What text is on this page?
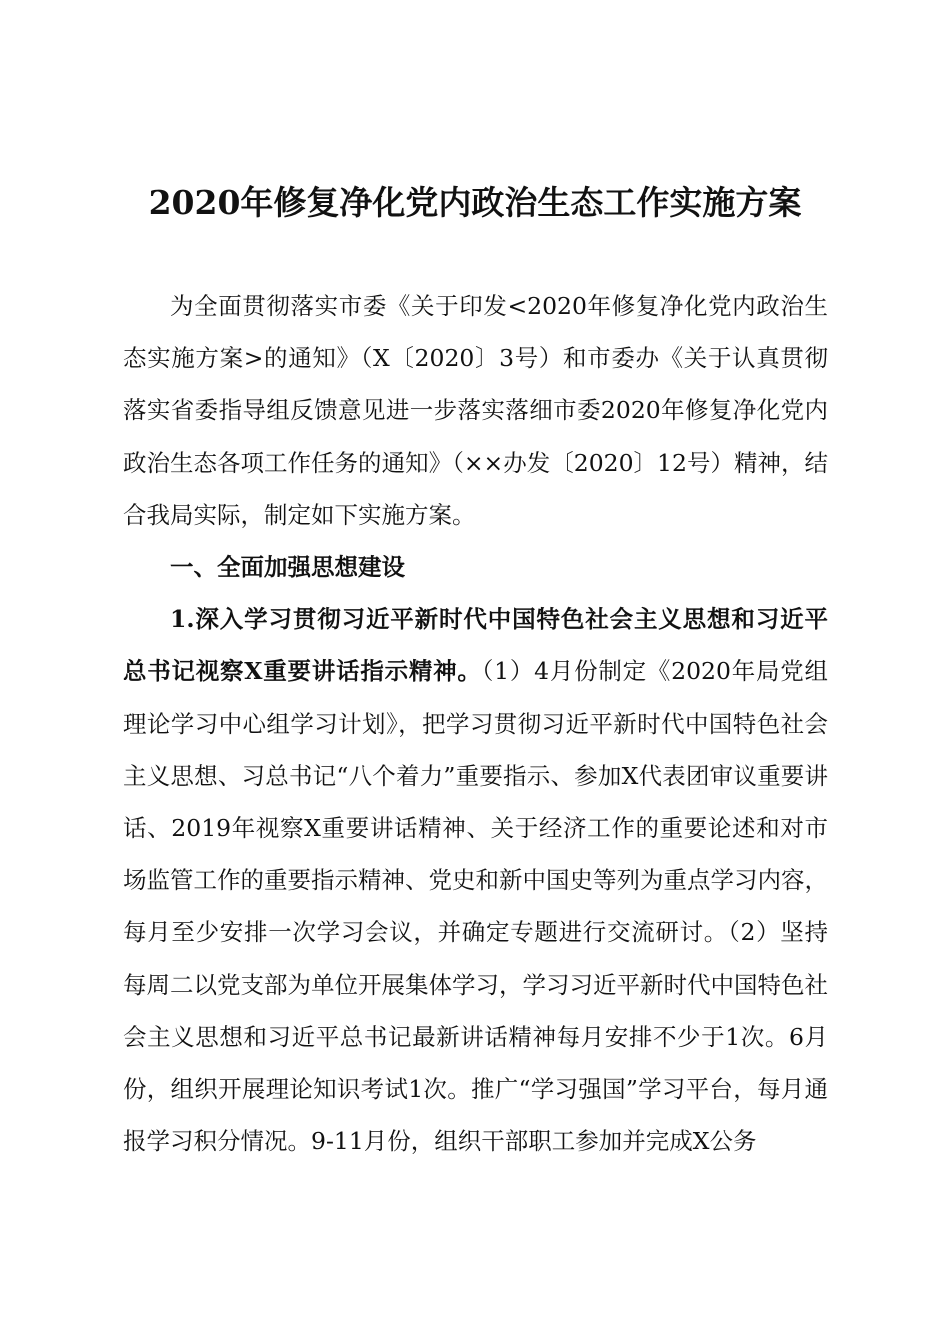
2020年修复净化党内政治生态工作实施方案

为全面贯彻落实市委《关于印发<2020年修复净化党内政治生态实施方案>的通知》（X〔2020〕3号）和市委办《关于认真贯彻落实省委指导组反馈意见进一步落实落细市委2020年修复净化党内政治生态各项工作任务的通知》（××办发〔2020〕12号）精神，结合我局实际，制定如下实施方案。

一、全面加强思想建设

1.深入学习贯彻习近平新时代中国特色社会主义思想和习近平总书记视察X重要讲话指示精神。（1）4月份制定《2020年局党组理论学习中心组学习计划》，把学习贯彻习近平新时代中国特色社会主义思想、习总书记“八个着力”重要指示、参加X代表团审议重要讲话、2019年视察X重要讲话精神、关于经济工作的重要论述和对市场监管工作的重要指示精神、党史和新中国史等列为重点学习内容，每月至少安排一次学习会议，并确定专题进行交流研讨。（2）坚持每周二以党支部为单位开展集体学习，学习习近平新时代中国特色社会主义思想和习近平总书记最新讲话精神每月安排不少于1次。6月份，组织开展理论知识考试1次。推广“学习强国”学习平台，每月通报学习积分情况。9-11月份，组织干部职工参加并完成X公务
